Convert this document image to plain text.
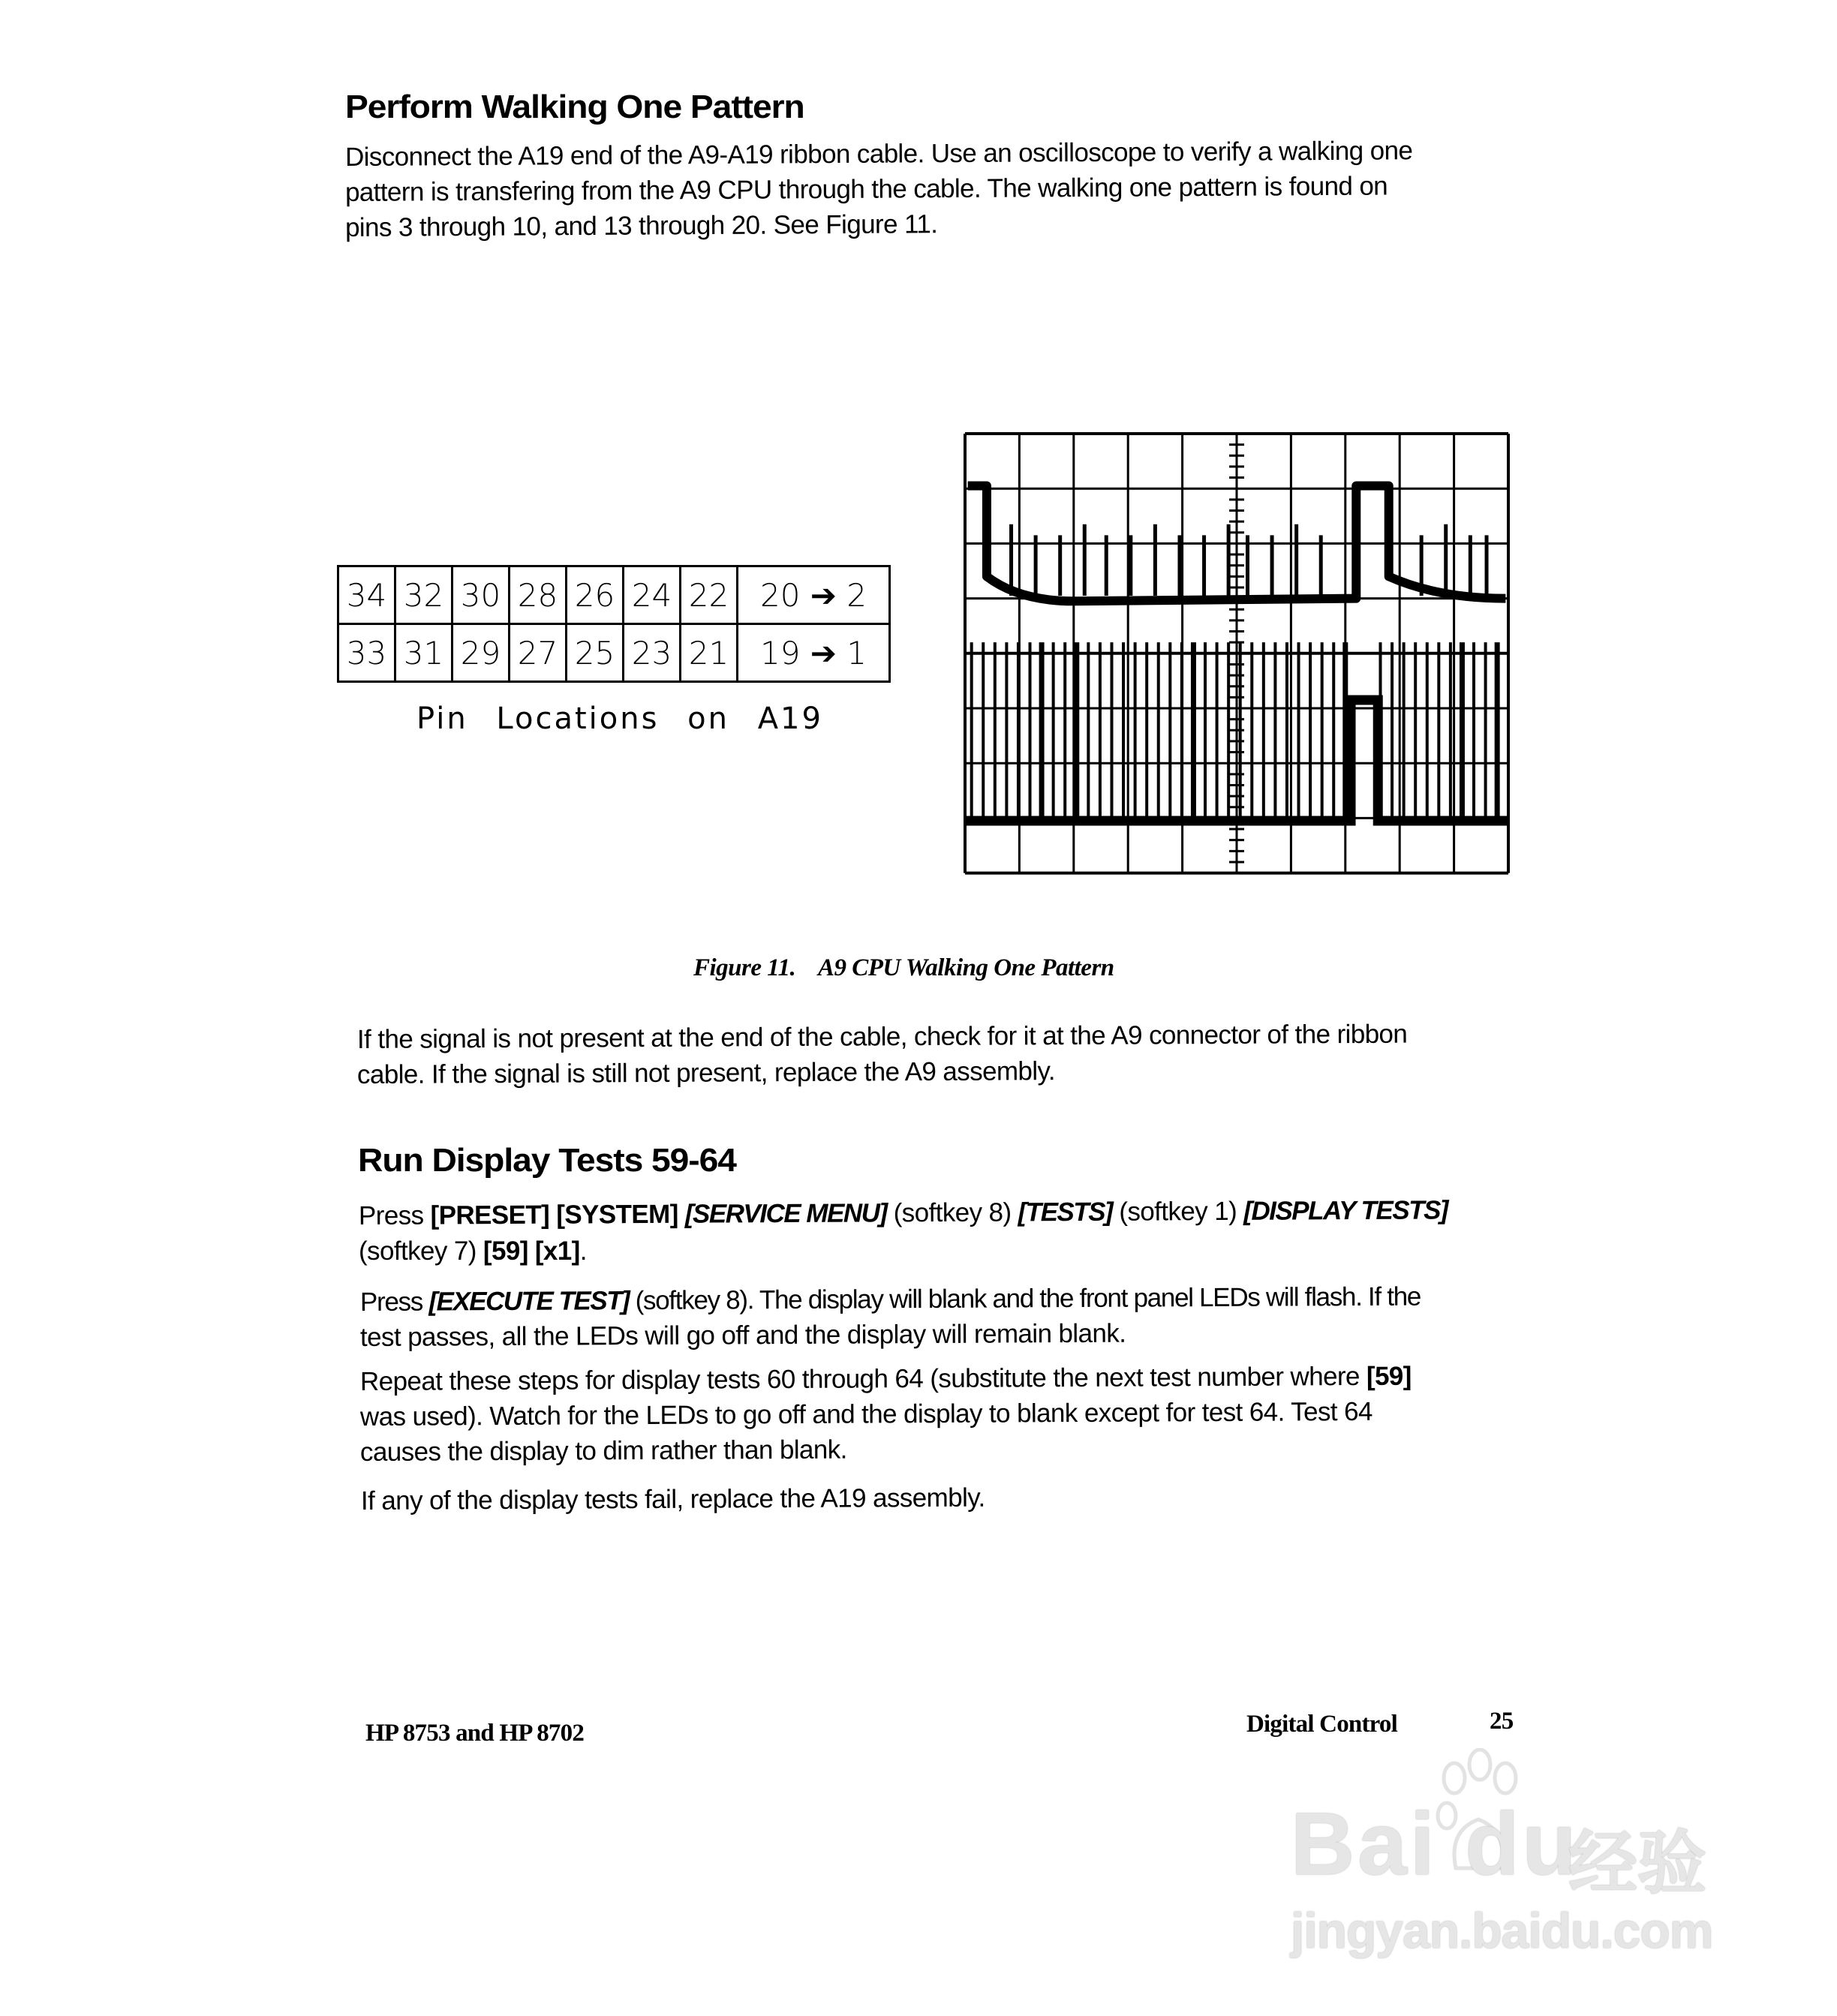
Perform Walking One Pattern

Disconnect the A19 end of the A9-A19 ribbon cable. Use an oscilloscope to verify a walking one

pattern is transfering from the A9 CPU through the cable. The walking one pattern is found on

pins 3 through 10, and 13 through 20. See Figure 11.

34	32	30	28	26	24	22	20 ➔ 2
33	31	29	27	25	23	21	19 ➔ 1
Pin Locations on A19
Figure 11. A9 CPU Walking One Pattern

If the signal is not present at the end of the cable, check for it at the A9 connector of the ribbon

cable. If the signal is still not present, replace the A9 assembly.

Run Display Tests 59-64

Press [PRESET] [SYSTEM] [SERVICE MENU] (softkey 8) [TESTS] (softkey 1) [DISPLAY TESTS]

(softkey 7) [59] [x1].

Press [EXECUTE TEST] (softkey 8). The display will blank and the front panel LEDs will flash. If the

test passes, all the LEDs will go off and the display will remain blank.

Repeat these steps for display tests 60 through 64 (substitute the next test number where [59]

was used). Watch for the LEDs to go off and the display to blank except for test 64. Test 64

causes the display to dim rather than blank.

If any of the display tests fail, replace the A19 assembly.

HP 8753 and HP 8702	Digital Control	25
Bai du
经验
jingyan.baidu.com
